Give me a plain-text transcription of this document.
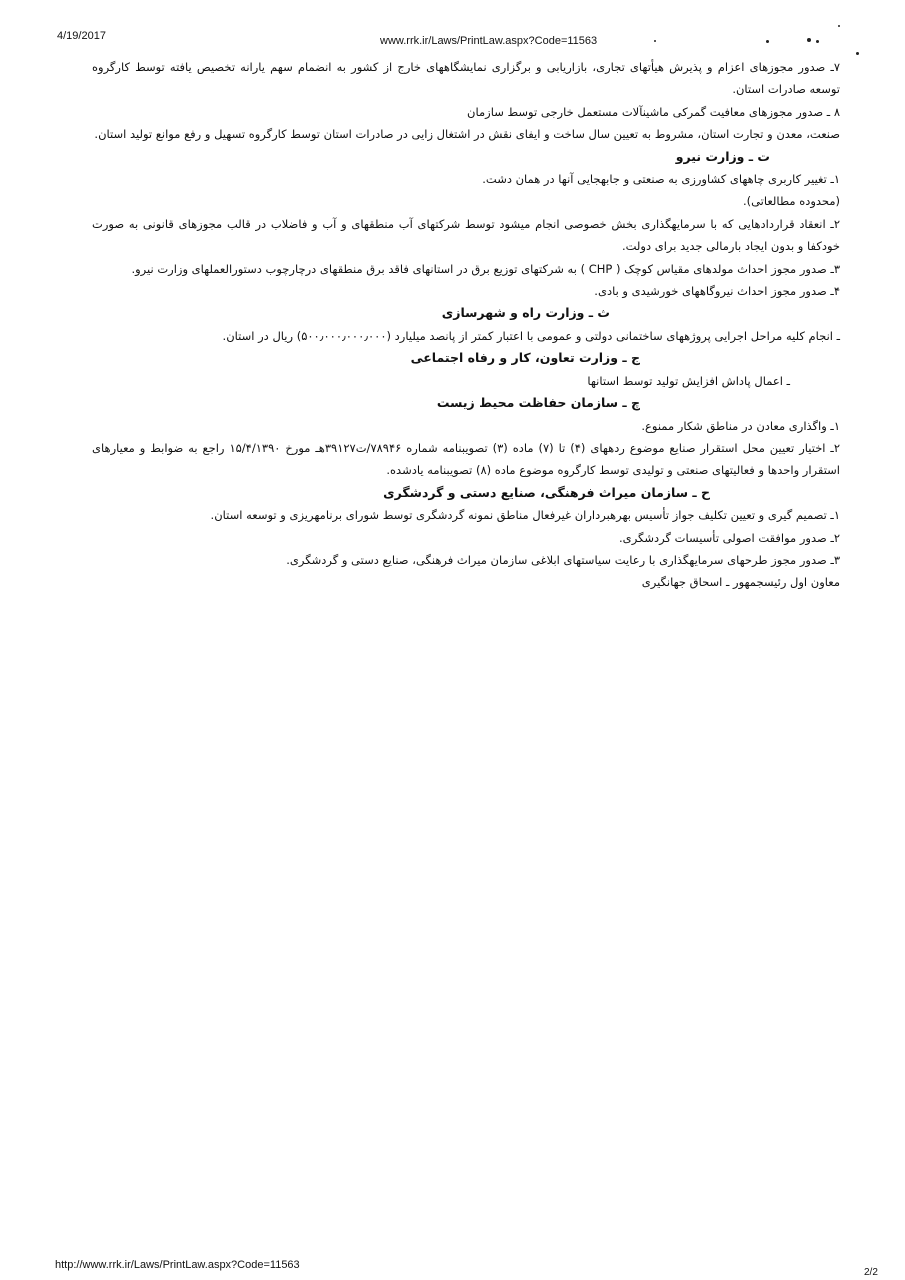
4/19/2017	www.rrk.ir/Laws/PrintLaw.aspx?Code=11563

۷ـ صدور مجوزهای اعزام و پذیرش هیأتهای تجاری، بازاریابی و برگزاری نمایشگاههای خارج از کشور به انضمام سهم یارانه تخصیص یافته توسط کارگروه توسعه صادرات استان.

۸ ـ صدور مجوزهای معافیت گمرکی ماشینآلات مستعمل خارجی توسط سازمان

صنعت، معدن و تجارت استان، مشروط به تعیین سال ساخت و ایفای نقش در اشتغال زایی در صادرات استان توسط کارگروه تسهیل و رفع موانع تولید استان.

ت ـ وزارت نیرو

۱ـ تغییر کاربری چاههای کشاورزی به صنعتی و جابهجایی آنها در همان دشت.

(محدوده مطالعاتی).

۲ـ انعقاد قراردادهایی که با سرمایهگذاری بخش خصوصی انجام میشود توسط شرکتهای آب منطقهای و آب و فاضلاب در قالب مجوزهای قانونی به صورت خودکفا و بدون ایجاد بارمالی جدید برای دولت.

۳ـ صدور مجوز احداث مولدهای مقیاس کوچک ( CHP ) به شرکتهای توزیع برق در استانهای فاقد برق منطقهای درچارچوب دستورالعملهای وزارت نیرو.

۴ـ صدور مجوز احداث نیروگاههای خورشیدی و بادی.

ث ـ وزارت راه و شهرسازی

ـ انجام کلیه مراحل اجرایی پروژههای ساختمانی دولتی و عمومی با اعتبار کمتر از پانصد میلیارد (۵۰۰٫۰۰۰٫۰۰۰٫۰۰۰) ریال در استان.

ج ـ وزارت تعاون، کار و رفاه اجتماعی

ـ اعمال پاداش افزایش تولید توسط استانها

چ ـ سازمان حفاظت محیط زیست

۱ـ واگذاری معادن در مناطق شکار ممنوع.

۲ـ اختیار تعیین محل استقرار صنایع موضوع ردههای (۴) تا (۷) ماده (۳) تصویبنامه شماره ۷۸۹۴۶/ت۳۹۱۲۷هـ مورخ ۱۵/۴/۱۳۹۰ راجع به ضوابط و معیارهای استقرار واحدها و فعالیتهای صنعتی و تولیدی توسط کارگروه موضوع ماده (۸) تصویبنامه یادشده.

ح ـ سازمان میراث فرهنگی، صنایع دستی و گردشگری

۱ـ تصمیم گیری و تعیین تکلیف جواز تأسیس بهرهبرداران غیرفعال مناطق نمونه گردشگری توسط شورای برنامهریزی و توسعه استان.

۲ـ صدور موافقت اصولی تأسیسات گردشگری.

۳ـ صدور مجوز طرحهای سرمایهگذاری با رعایت سیاستهای ابلاغی سازمان میراث فرهنگی، صنایع دستی و گردشگری.

معاون اول رئیسجمهور ـ اسحاق جهانگیری

http://www.rrk.ir/Laws/PrintLaw.aspx?Code=11563
2/2
